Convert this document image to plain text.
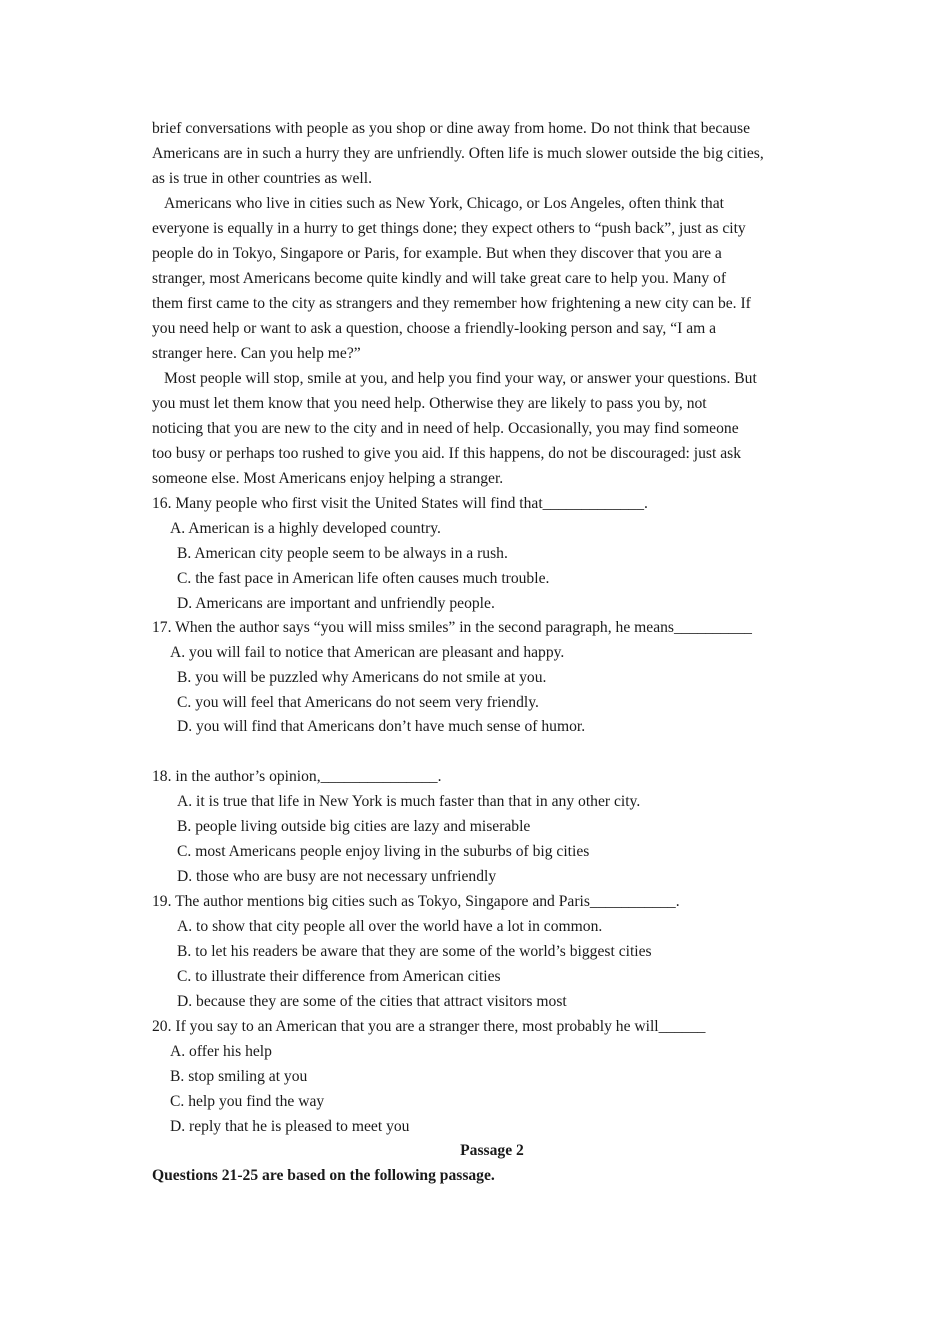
brief conversations with people as you shop or dine away from home. Do not think that because

Americans are in such a hurry they are unfriendly. Often life is much slower outside the big cities,

as is true in other countries as well.

Americans who live in cities such as New York, Chicago, or Los Angeles, often think that

everyone is equally in a hurry to get things done; they expect others to “push back”, just as city

people do in Tokyo, Singapore or Paris, for example. But when they discover that you are a

stranger, most Americans become quite kindly and will take great care to help you. Many of

them first came to the city as strangers and they remember how frightening a new city can be. If

you need help or want to ask a question, choose a friendly-looking person and say, “I am a

stranger here. Can you help me?”

Most people will stop, smile at you, and help you find your way, or answer your questions. But

you must let them know that you need help. Otherwise they are likely to pass you by, not

noticing that you are new to the city and in need of help. Occasionally, you may find someone

too busy or perhaps too rushed to give you aid. If this happens, do not be discouraged: just ask

someone else. Most Americans enjoy helping a stranger.

16. Many people who first visit the United States will find that_____________.

A. American is a highly developed country.

B. American city people seem to be always in a rush.

C. the fast pace in American life often causes much trouble.

D. Americans are important and unfriendly people.

17. When the author says “you will miss smiles” in the second paragraph, he means__________

A. you will fail to notice that American are pleasant and happy.

B. you will be puzzled why Americans do not smile at you.

C. you will feel that Americans do not seem very friendly.

D. you will find that Americans don’t have much sense of humor.

18. in the author’s opinion,_______________.

A. it is true that life in New York is much faster than that in any other city.

B. people living outside big cities are lazy and miserable

C. most Americans people enjoy living in the suburbs of big cities

D. those who are busy are not necessary unfriendly

19. The author mentions big cities such as Tokyo, Singapore and Paris___________.

A. to show that city people all over the world have a lot in common.

B. to let his readers be aware that they are some of the world’s biggest cities

C. to illustrate their difference from American cities

D. because they are some of the cities that attract visitors most

20. If you say to an American that you are a stranger there, most probably he will______

A. offer his help

B. stop smiling at you

C. help you find the way

D. reply that he is pleased to meet you

Passage 2

Questions 21-25 are based on the following passage.
